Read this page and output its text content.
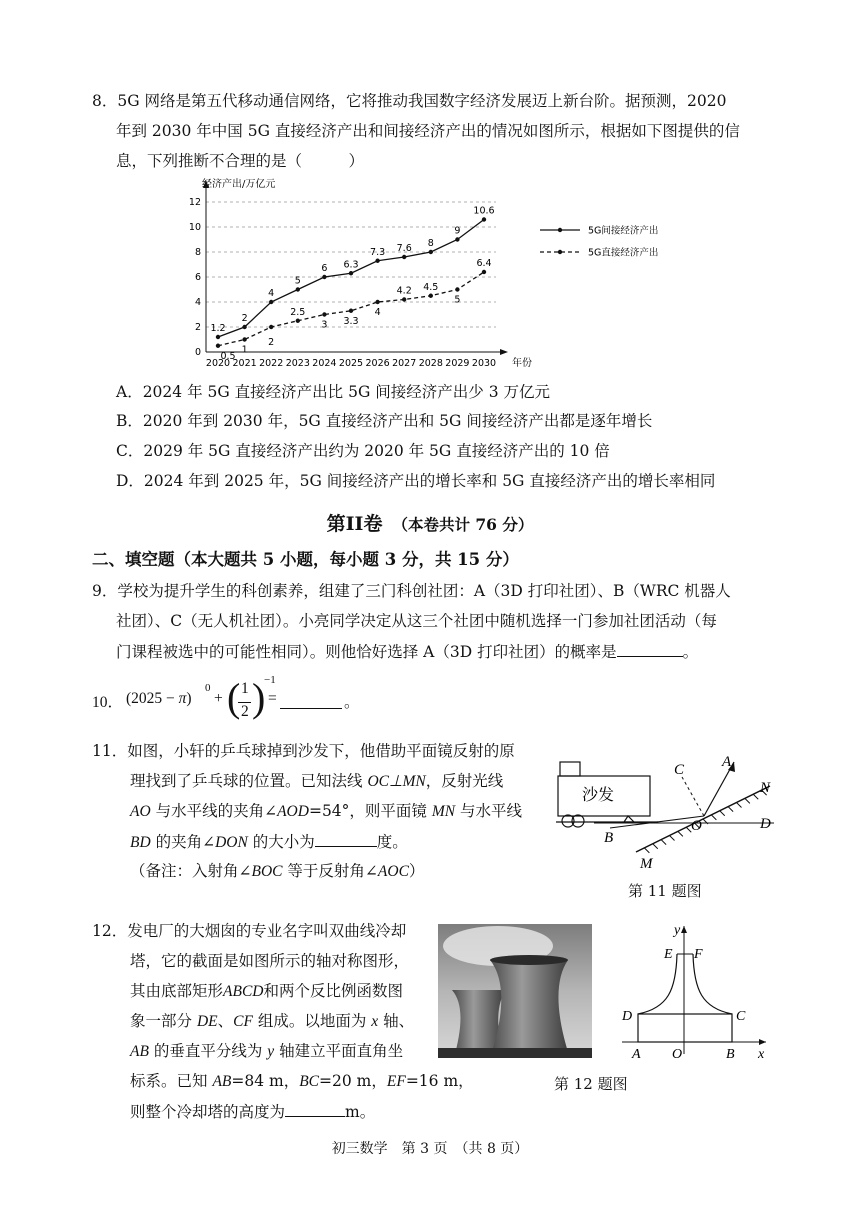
8．5G 网络是第五代移动通信网络，它将推动我国数字经济发展迈上新台阶。据预测，2020
年到 2030 年中国 5G 直接经济产出和间接经济产出的情况如图所示，根据如下图提供的信
息，下列推断不合理的是（　　　）
0
2
4
6
8
10
12
经济产出/万亿元
年份
2020 2021 2022 2023 2024 2025 2026 2027 2028 2029 2030
1.2
2
4
5
6 6.3
7.3 7.6 8
9
10.6
0.5
1
2
2.5
3 3.3
4
4.2 4.5
5
6.4
5G间接经济产出
5G直接经济产出
A．2024 年 5G 直接经济产出比 5G 间接经济产出少 3 万亿元
B．2020 年到 2030 年，5G 直接经济产出和 5G 间接经济产出都是逐年增长
C．2029 年 5G 直接经济产出约为 2020 年 5G 直接经济产出的 10 倍
D．2024 年到 2025 年，5G 间接经济产出的增长率和 5G 直接经济产出的增长率相同
第II卷 （本卷共计 76 分）
二、填空题（本大题共 5 小题，每小题 3 分，共 15 分）
9．学校为提升学生的科创素养，组建了三门科创社团：A（3D 打印社团）、B（WRC 机器人
社团）、C（无人机社团）。小亮同学决定从这三个社团中随机选择一门参加社团活动（每
门课程被选中的可能性相同）。则他恰好选择 A（3D 打印社团）的概率是	。
10． (2025 − π)
0
+ ( 1
2 )
−1
=	。
11．如图，小轩的乒乓球掉到沙发下，他借助平面镜反射的原
理找到了乒乓球的位置。已知法线 OC⊥MN，反射光线
AO 与水平线的夹角∠AOD=54°，则平面镜 MN 与水平线
BD 的夹角∠DON 的大小为	度。
（备注：入射角∠BOC 等于反射角∠AOC）
沙发
A
C
O
N
D
B
M
第 11 题图
12．发电厂的大烟囱的专业名字叫双曲线冷却
塔，它的截面是如图所示的轴对称图形，
其由底部矩形ABCD和两个反比例函数图
象一部分 DE、CF 组成。以地面为 x 轴、
AB 的垂直平分线为 y 轴建立平面直角坐
标系。已知 AB=84 m，BC=20 m，EF=16 m，
则整个冷却塔的高度为	m。
第 12 题图
y
E F
D	C
A O	B x
初三数学　第 3 页　（共 8 页）
